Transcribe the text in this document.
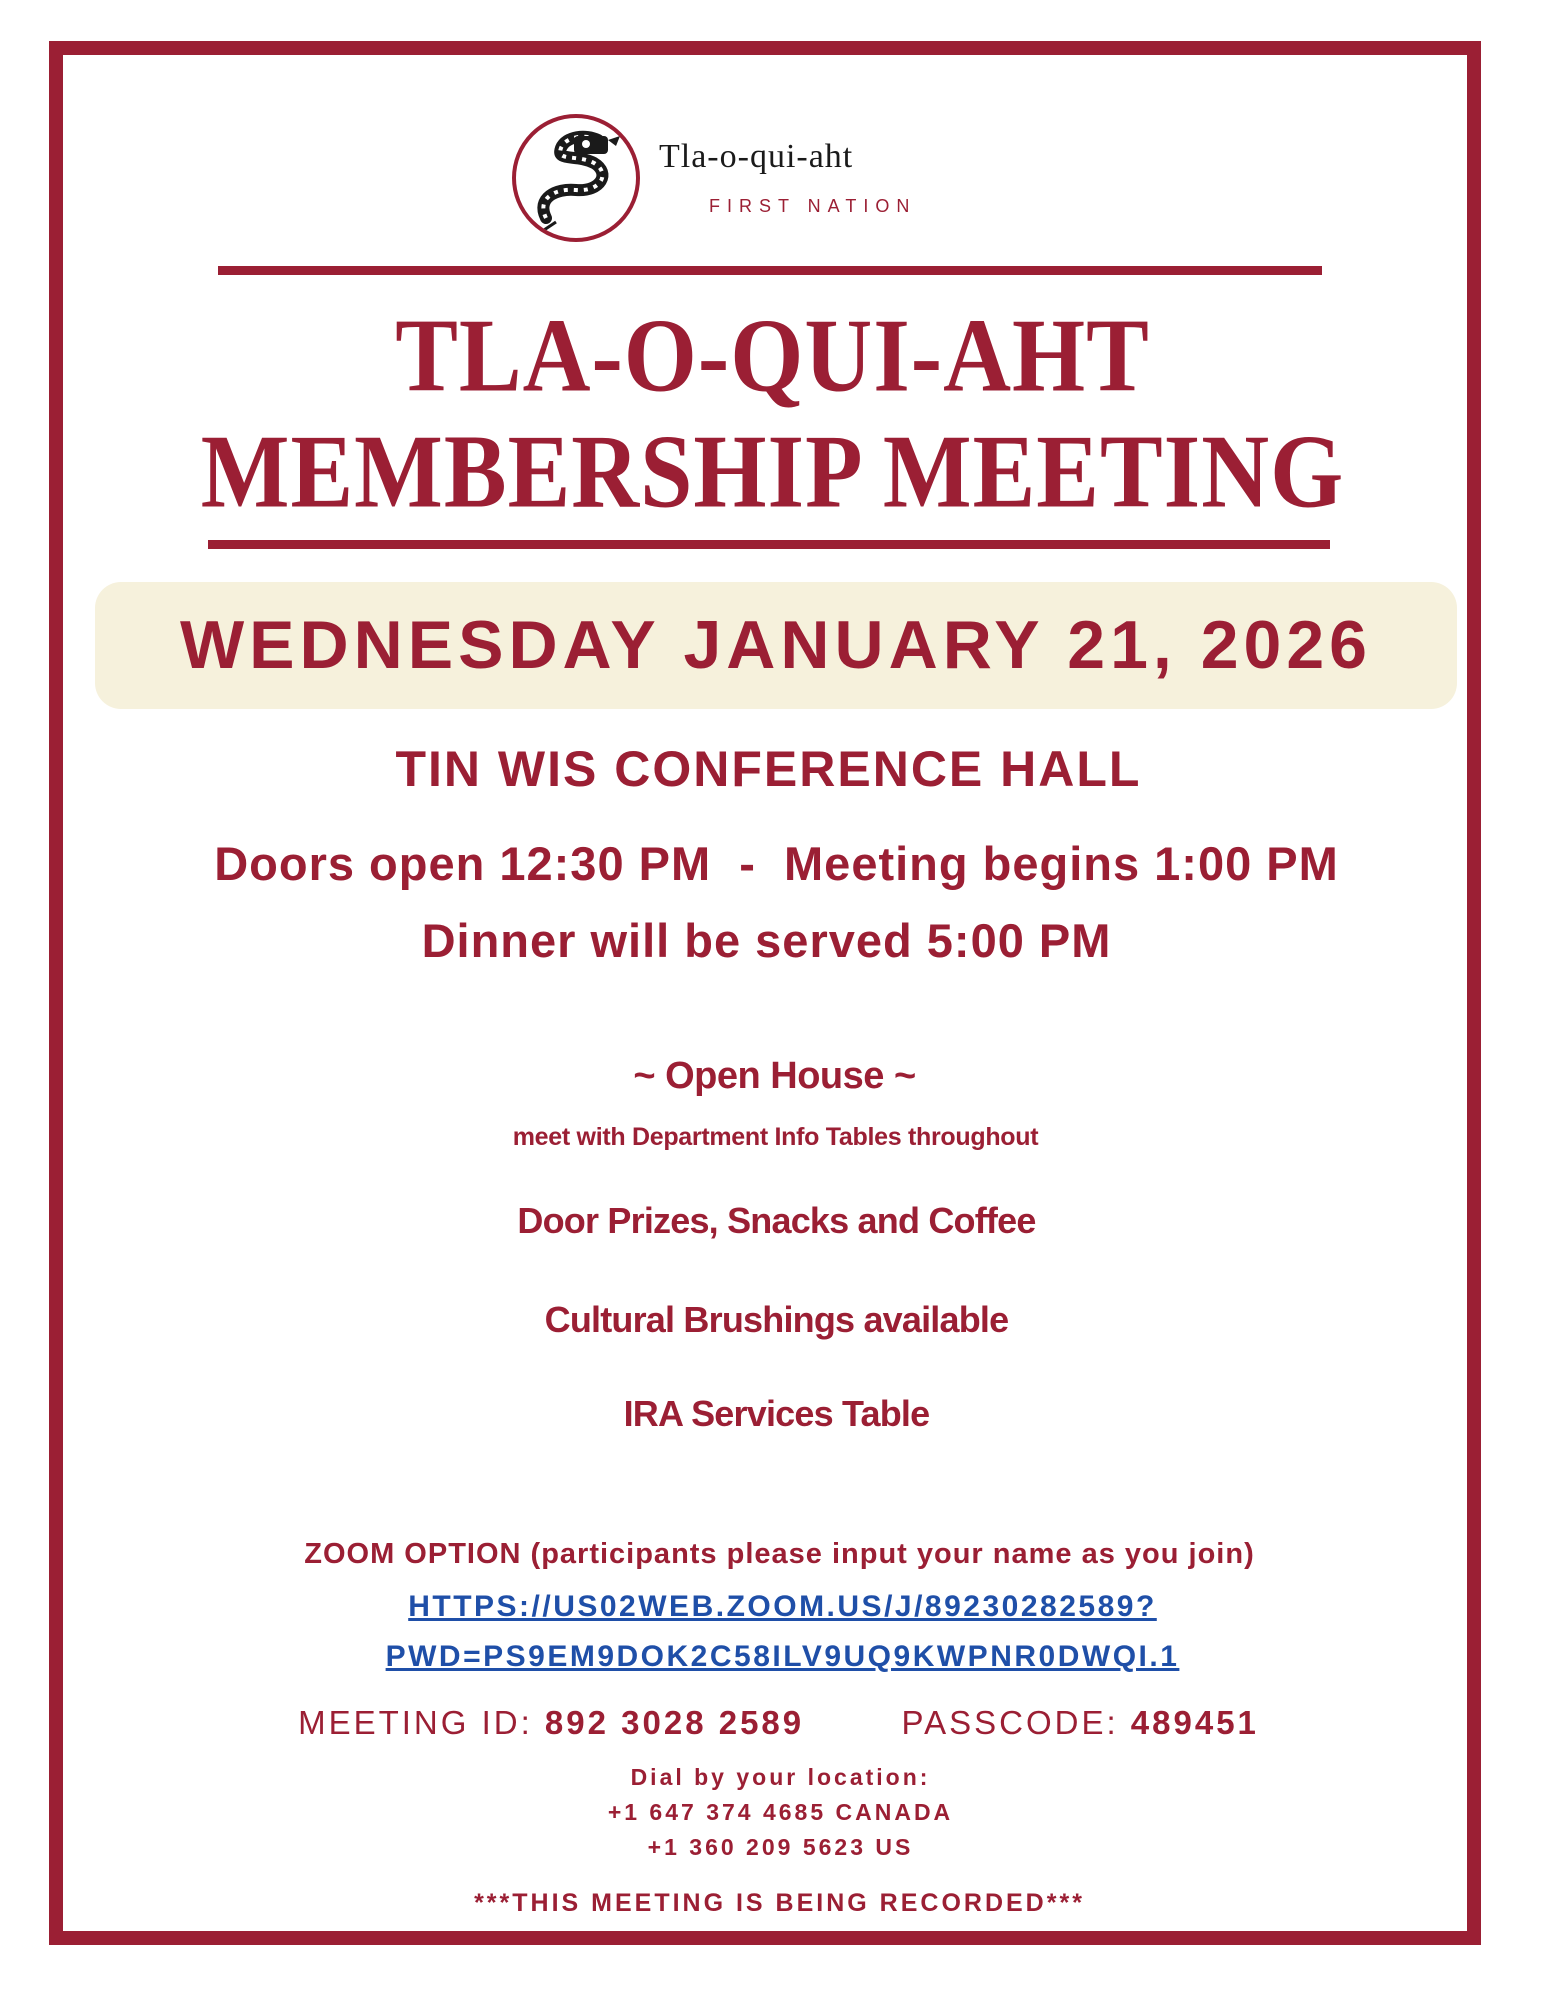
Tla-o-qui-aht
FIRST NATION
TLA-O-QUI-AHT
MEMBERSHIP MEETING
WEDNESDAY JANUARY 21, 2026
TIN WIS CONFERENCE HALL
Doors open 12:30 PM  -  Meeting begins 1:00 PM
Dinner will be served 5:00 PM
~ Open House ~
meet with Department Info Tables throughout
Door Prizes, Snacks and Coffee
Cultural Brushings available
IRA Services Table
ZOOM OPTION (participants please input your name as you join)
HTTPS://US02WEB.ZOOM.US/J/89230282589?
PWD=PS9EM9DOK2C58ILV9UQ9KWPNR0DWQI.1
MEETING ID: 892 3028 2589	PASSCODE: 489451
Dial by your location:
+1 647 374 4685 CANADA
+1 360 209 5623 US
***THIS MEETING IS BEING RECORDED***
